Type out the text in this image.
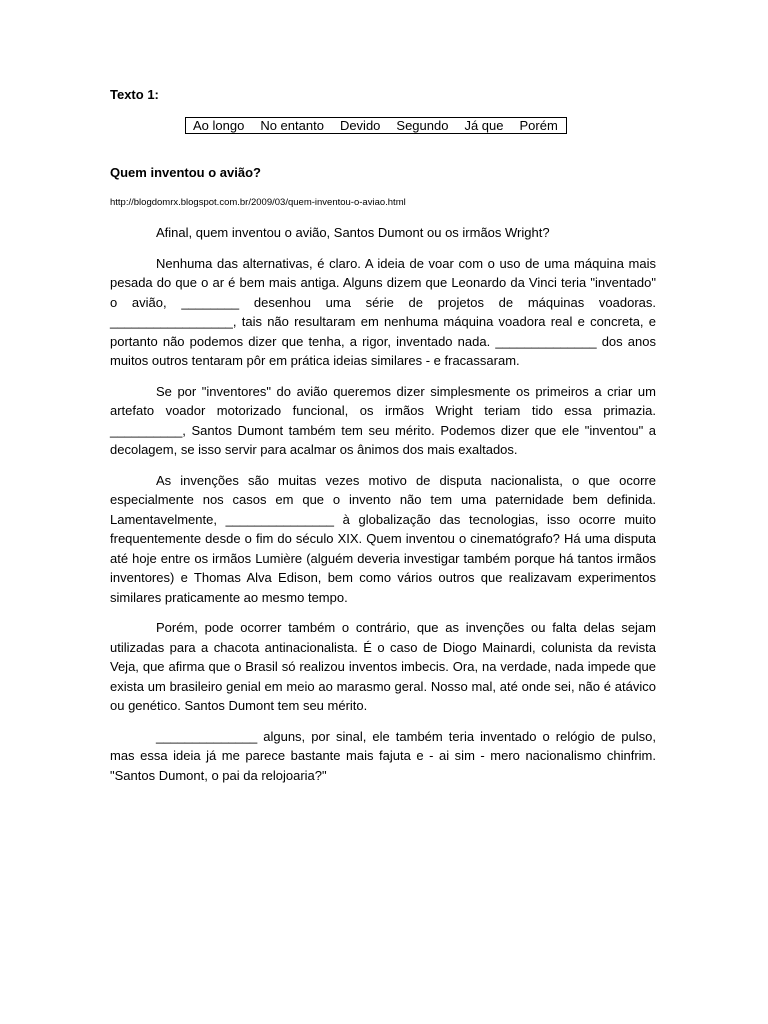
Texto 1:
Ao longo No entanto Devido Segundo Já que Porém
Quem inventou o avião?
http://blogdomrx.blogspot.com.br/2009/03/quem-inventou-o-aviao.html

Afinal, quem inventou o avião, Santos Dumont ou os irmãos Wright?

Nenhuma das alternativas, é claro. A ideia de voar com o uso de uma máquina mais pesada do que o ar é bem mais antiga. Alguns dizem que Leonardo da Vinci teria "inventado" o avião, ________ desenhou uma série de projetos de máquinas voadoras. _________________, tais não resultaram em nenhuma máquina voadora real e concreta, e portanto não podemos dizer que tenha, a rigor, inventado nada. ______________ dos anos muitos outros tentaram pôr em prática ideias similares - e fracassaram.

Se por "inventores" do avião queremos dizer simplesmente os primeiros a criar um artefato voador motorizado funcional, os irmãos Wright teriam tido essa primazia. __________, Santos Dumont também tem seu mérito. Podemos dizer que ele "inventou" a decolagem, se isso servir para acalmar os ânimos dos mais exaltados.

As invenções são muitas vezes motivo de disputa nacionalista, o que ocorre especialmente nos casos em que o invento não tem uma paternidade bem definida. Lamentavelmente, _______________ à globalização das tecnologias, isso ocorre muito frequentemente desde o fim do século XIX. Quem inventou o cinematógrafo? Há uma disputa até hoje entre os irmãos Lumière (alguém deveria investigar também porque há tantos irmãos inventores) e Thomas Alva Edison, bem como vários outros que realizavam experimentos similares praticamente ao mesmo tempo.

Porém, pode ocorrer também o contrário, que as invenções ou falta delas sejam utilizadas para a chacota antinacionalista. É o caso de Diogo Mainardi, colunista da revista Veja, que afirma que o Brasil só realizou inventos imbecis. Ora, na verdade, nada impede que exista um brasileiro genial em meio ao marasmo geral. Nosso mal, até onde sei, não é atávico ou genético. Santos Dumont tem seu mérito.

______________ alguns, por sinal, ele também teria inventado o relógio de pulso, mas essa ideia já me parece bastante mais fajuta e - ai sim - mero nacionalismo chinfrim. "Santos Dumont, o pai da relojoaria?"
